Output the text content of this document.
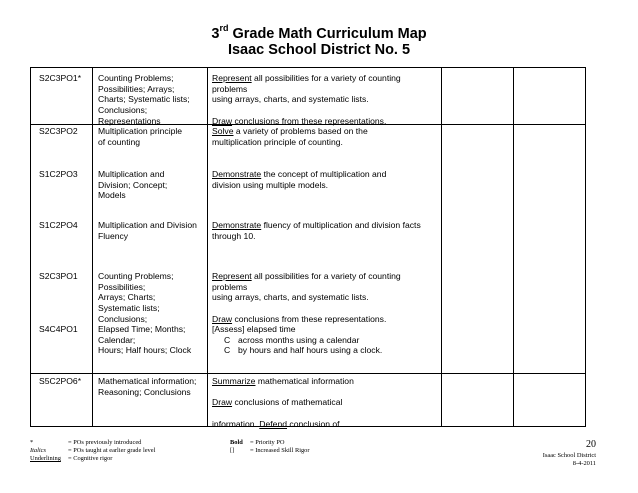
3rd Grade Math Curriculum Map
Isaac School District No. 5
S2C3PO1* Counting Problems;
Possibilities; Arrays;
Charts; Systematic lists;
Conclusions;
Representations
Represent all possibilities for a variety of counting
problems
using arrays, charts, and systematic lists.

Draw conclusions from these representations.
S2C3PO2 Multiplication principle
of counting
Solve a variety of problems based on the
multiplication principle of counting.
S1C2PO3 Multiplication and
Division; Concept;
Models
Demonstrate the concept of multiplication and
division using multiple models.
S1C2PO4 Multiplication and Division
Fluency
Demonstrate fluency of multiplication and division facts
through 10.
S2C3PO1 Counting Problems;
Possibilities;
Arrays; Charts;
Systematic lists;
Conclusions;
Represent all possibilities for a variety of counting
problems
using arrays, charts, and systematic lists.

Draw conclusions from these representations.
S4C4PO1 Elapsed Time; Months;
Calendar;
Hours; Half hours; Clock
[Assess] elapsed time
C across months using a calendar
C by hours and half hours using a clock.
S5C2PO6* Mathematical information;
Reasoning; Conclusions
Summarize mathematical information

Draw conclusions of mathematical

information. Defend conclusion of
*	= POs previously introduced
Italics	= POs taught at earlier grade level
Underlining = Cognitive rigor
Bold = Priority PO
[] = Increased Skill Rigor
20
Isaac School District
8-4-2011
